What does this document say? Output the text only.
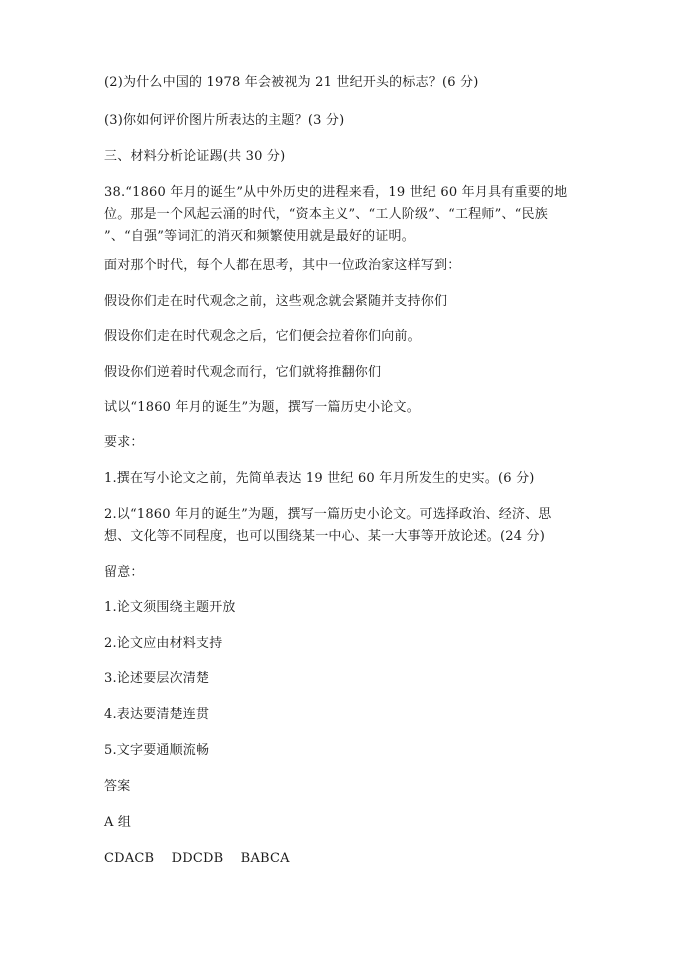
(2)为什么中国的 1978 年会被视为 21 世纪开头的标志？(6 分)
(3)你如何评价图片所表达的主题？(3 分)
三、材料分析论证踢(共 30 分)
38.“1860 年月的诞生”从中外历史的进程来看，19 世纪 60 年月具有重要的地
位。那是一个风起云涌的时代，“资本主义”、“工人阶级”、“工程师”、“民族
”、“自强”等词汇的消灭和频繁使用就是最好的证明。
面对那个时代，每个人都在思考，其中一位政治家这样写到：
假设你们走在时代观念之前，这些观念就会紧随并支持你们
假设你们走在时代观念之后，它们便会拉着你们向前。
假设你们逆着时代观念而行，它们就将推翻你们
试以“1860 年月的诞生”为题，撰写一篇历史小论文。
要求：
1.撰在写小论文之前，先简单表达 19 世纪 60 年月所发生的史实。(6 分)
2.以“1860 年月的诞生”为题，撰写一篇历史小论文。可选择政治、经济、思
想、文化等不同程度，也可以围绕某一中心、某一大事等开放论述。(24 分)
留意：
1.论文须围绕主题开放
2.论文应由材料支持
3.论述要层次清楚
4.表达要清楚连贯
5.文字要通顺流畅
答案
A 组
CDACB    DDCDB    BABCA
